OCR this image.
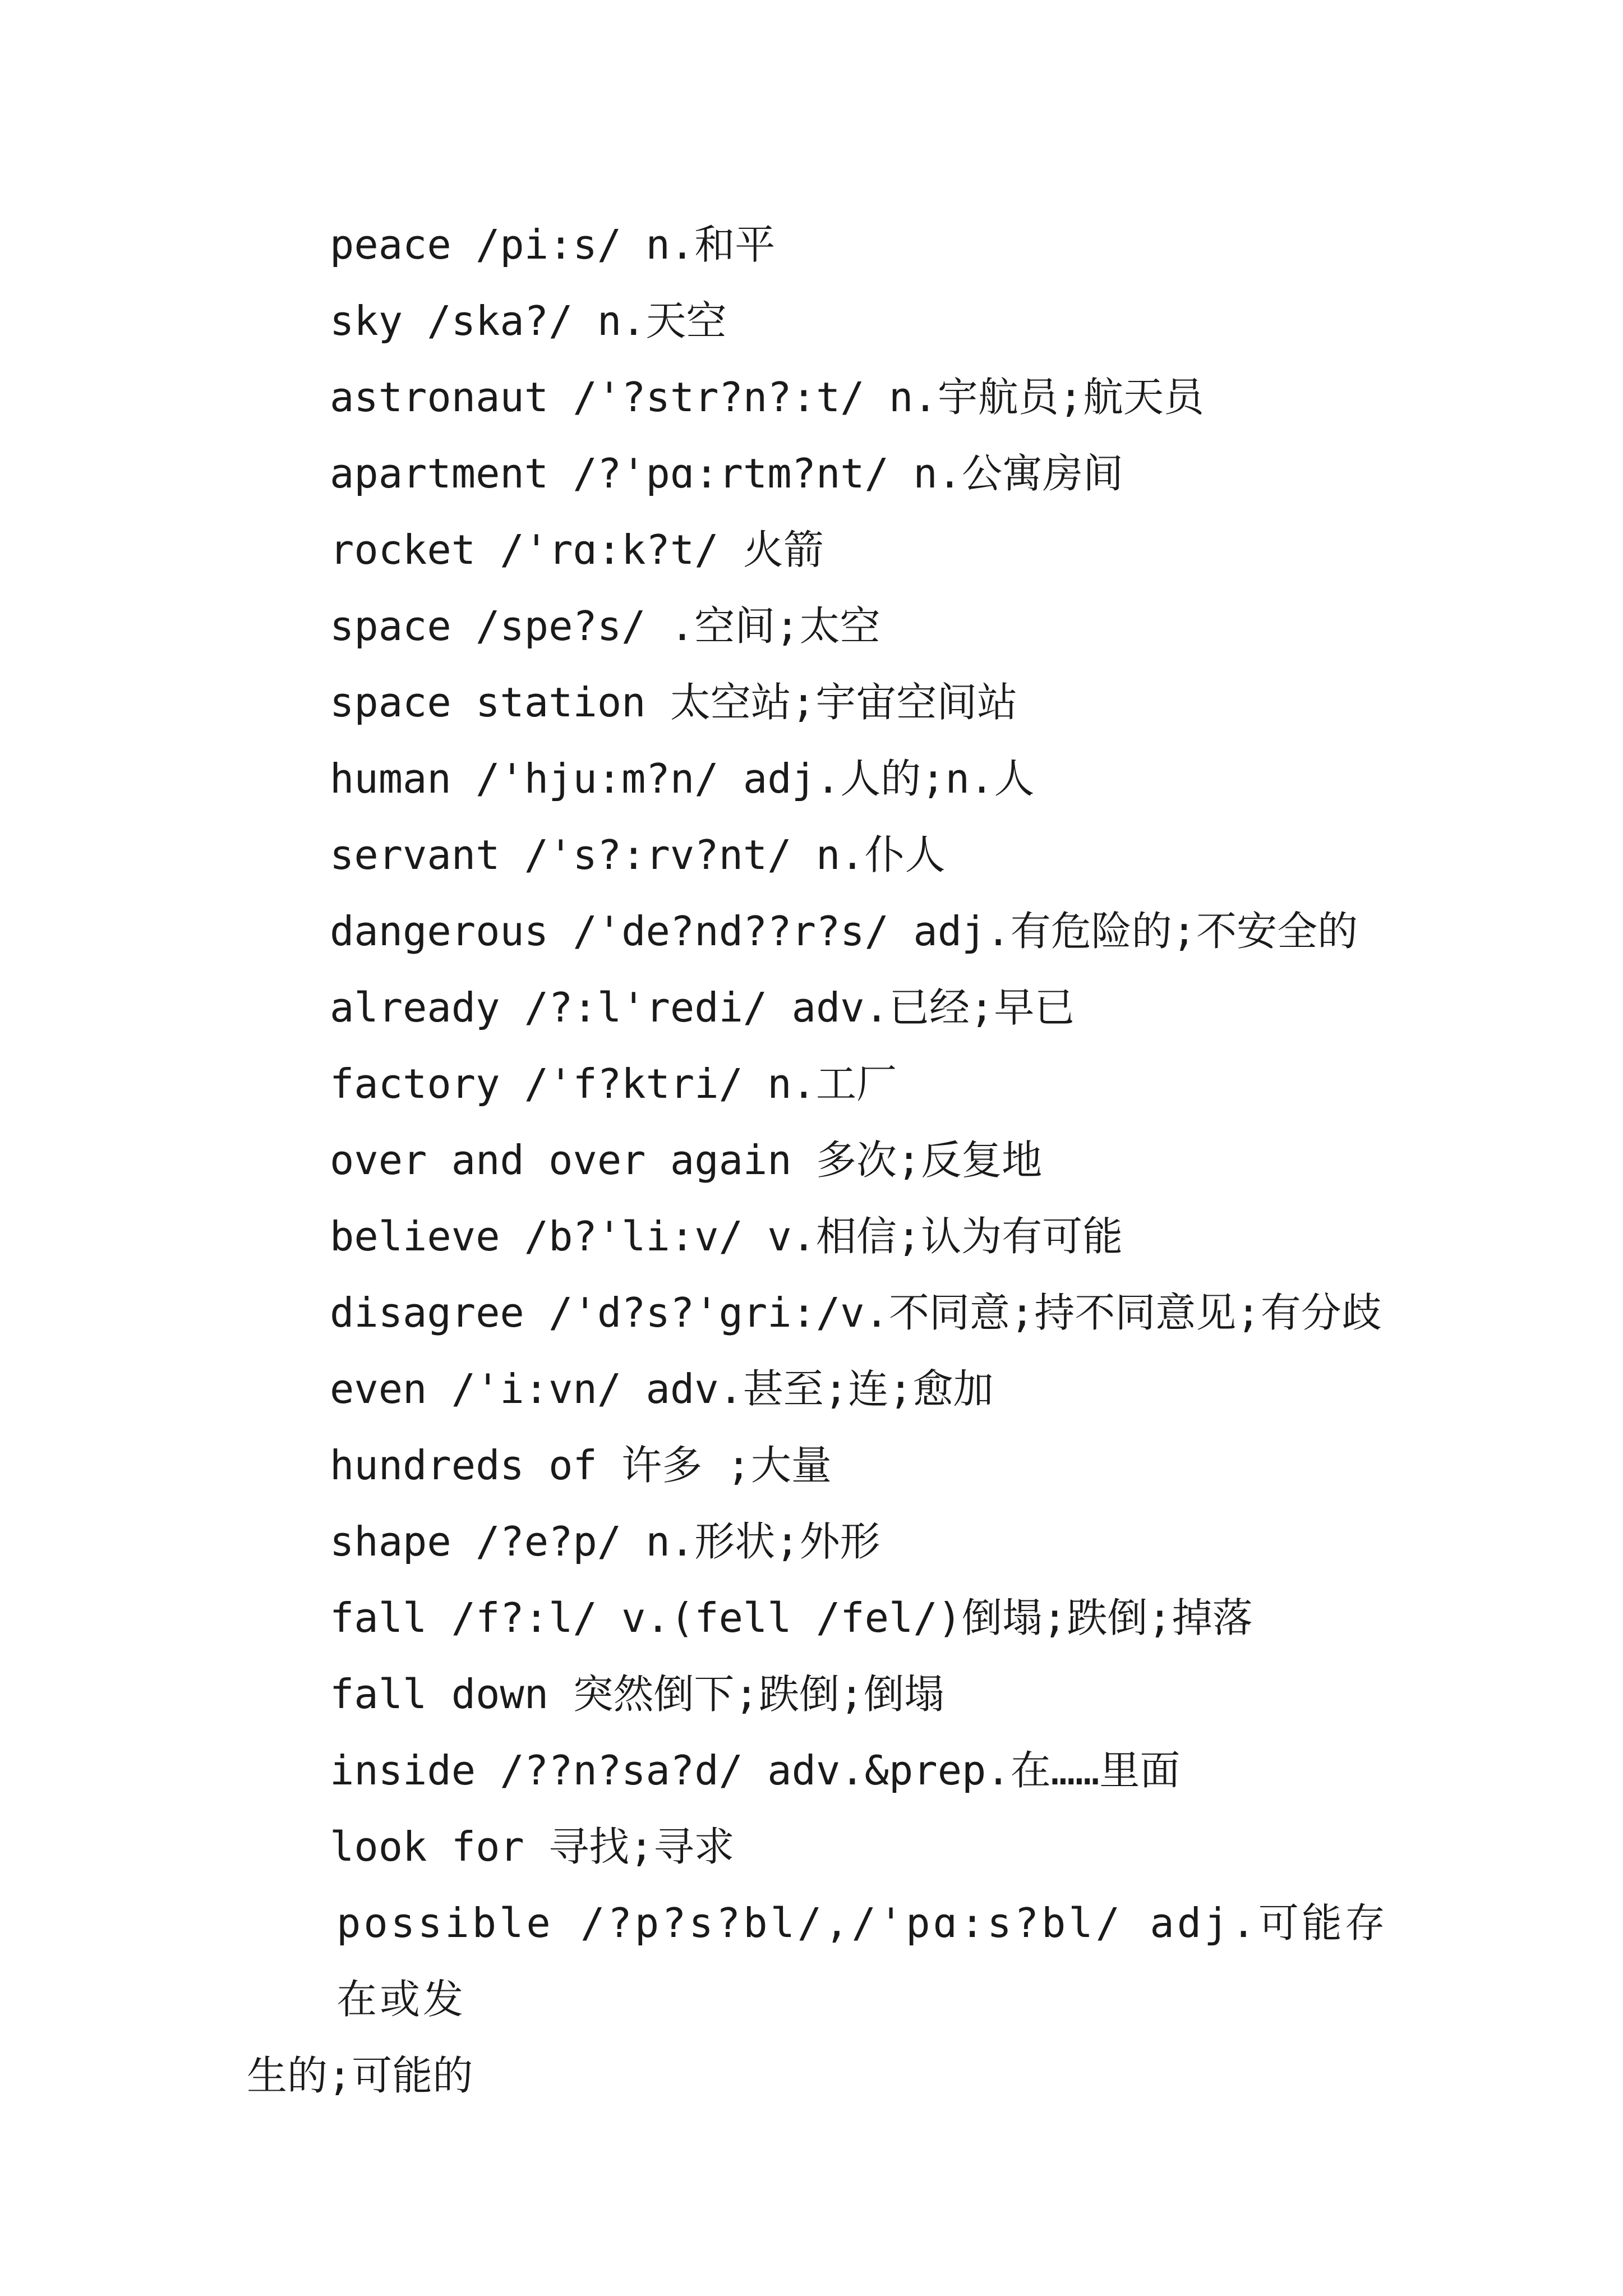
peace /pi:s/ n.和平
sky /ska?/ n.天空
astronaut /'?str?n?:t/ n.宇航员;航天员
apartment /?'pɑ:rtm?nt/ n.公寓房间
rocket /'rɑ:k?t/ 火箭
space /spe?s/ .空间;太空
space station 太空站;宇宙空间站
human /'hju:m?n/ adj.人的;n.人
servant /'s?:rv?nt/ n.仆人
dangerous /'de?nd??r?s/ adj.有危险的;不安全的
already /?:l'redi/ adv.已经;早已
factory /'f?ktri/ n.工厂
over and over again 多次;反复地
believe /b?'li:v/ v.相信;认为有可能
disagree /'d?s?'gri:/v.不同意;持不同意见;有分歧
even /'i:vn/ adv.甚至;连;愈加
hundreds of 许多 ;大量
shape /?e?p/ n.形状;外形
fall /f?:l/ v.(fell /fel/)倒塌;跌倒;掉落
fall down 突然倒下;跌倒;倒塌
inside /??n?sa?d/ adv.&prep.在……里面
look for 寻找;寻求
possible /?p?s?bl/,/'pɑ:s?bl/ adj.可能存在或发
生的;可能的
